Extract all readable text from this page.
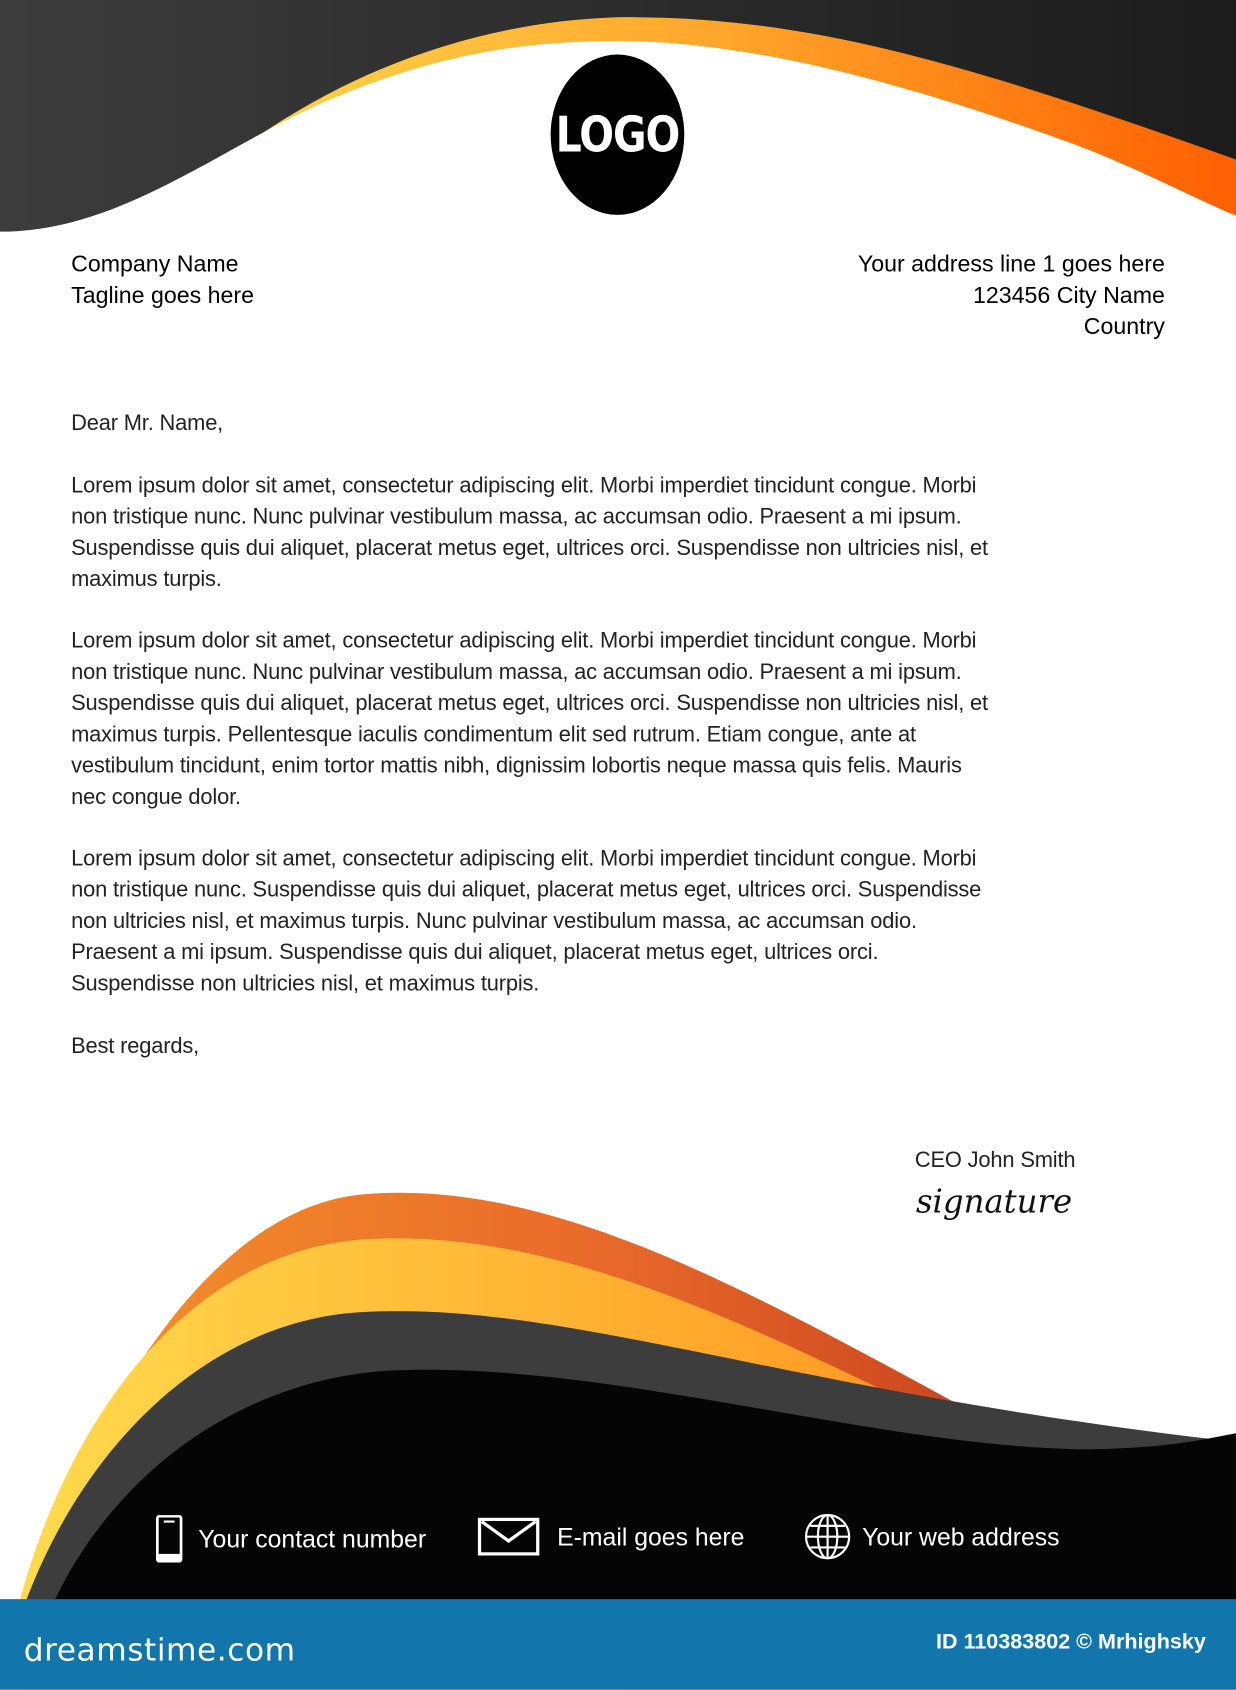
LOGO
Company Name
Tagline goes here
Your address line 1 goes here
123456 City Name
Country
Dear Mr. Name,
Lorem ipsum dolor sit amet, consectetur adipiscing elit. Morbi imperdiet tincidunt congue. Morbi
non tristique nunc. Nunc pulvinar vestibulum massa, ac accumsan odio. Praesent a mi ipsum.
Suspendisse quis dui aliquet, placerat metus eget, ultrices orci. Suspendisse non ultricies nisl, et
maximus turpis.
Lorem ipsum dolor sit amet, consectetur adipiscing elit. Morbi imperdiet tincidunt congue. Morbi
non tristique nunc. Nunc pulvinar vestibulum massa, ac accumsan odio. Praesent a mi ipsum.
Suspendisse quis dui aliquet, placerat metus eget, ultrices orci. Suspendisse non ultricies nisl, et
maximus turpis. Pellentesque iaculis condimentum elit sed rutrum. Etiam congue, ante at
vestibulum tincidunt, enim tortor mattis nibh, dignissim lobortis neque massa quis felis. Mauris
nec congue dolor.
Lorem ipsum dolor sit amet, consectetur adipiscing elit. Morbi imperdiet tincidunt congue. Morbi
non tristique nunc. Suspendisse quis dui aliquet, placerat metus eget, ultrices orci. Suspendisse
non ultricies nisl, et maximus turpis. Nunc pulvinar vestibulum massa, ac accumsan odio.
Praesent a mi ipsum. Suspendisse quis dui aliquet, placerat metus eget, ultrices orci.
Suspendisse non ultricies nisl, et maximus turpis.
Best regards,
CEO John Smith
signature
Your contact number	E-mail goes here	Your web address
dreamstime.com	ID 110383802 © Mrhighsky
